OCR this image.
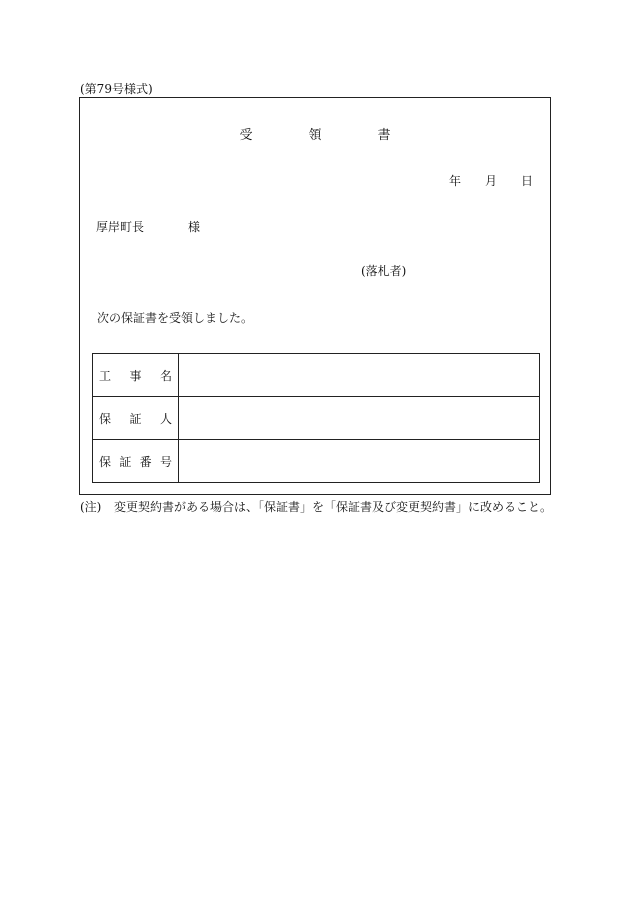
(第79号様式)
受	領	書
年 月 日
厚岸町長	様
(落札者)
次の保証書を受領しました。
工 事 名	

保 証 人	

保 証 番 号	

(注) 変更契約書がある場合は、「保証書」を「保証書及び変更契約書」に改めること。
